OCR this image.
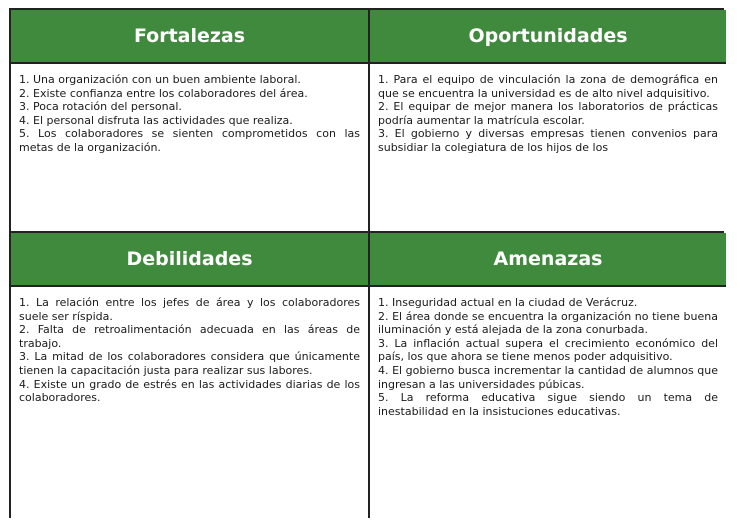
Fortalezas

1. Una organización con un buen ambiente laboral.

2. Existe confianza entre los colaboradores del área.

3. Poca rotación del personal.

4. El personal disfruta las actividades que realiza.

5. Los colaboradores se sienten comprometidos con las metas de la organización.

Oportunidades

1. Para el equipo de vinculación la zona de demográfica en que se encuentra la universidad es de alto nivel adquisitivo.

2. El equipar de mejor manera los laboratorios de prácticas podría aumentar la matrícula escolar.

3. El gobierno y diversas empresas tienen convenios para subsidiar la colegiatura de los hijos de los

Debilidades

1. La relación entre los jefes de área y los colaboradores suele ser ríspida.

2. Falta de retroalimentación adecuada en las áreas de trabajo.

3. La mitad de los colaboradores considera que únicamente tienen la capacitación justa para realizar sus labores.

4. Existe un grado de estrés en las actividades diarias de los colaboradores.

Amenazas

1. Inseguridad actual en la ciudad de Verácruz.

2. El área donde se encuentra la organización no tiene buena iluminación y está alejada de la zona conurbada.

3. La inflación actual supera el crecimiento económico del país, los que ahora se tiene menos poder adquisitivo.

4. El gobierno busca incrementar la cantidad de alumnos que ingresan a las universidades púbicas.

5. La reforma educativa sigue siendo un tema de inestabilidad en la insistuciones educativas.
